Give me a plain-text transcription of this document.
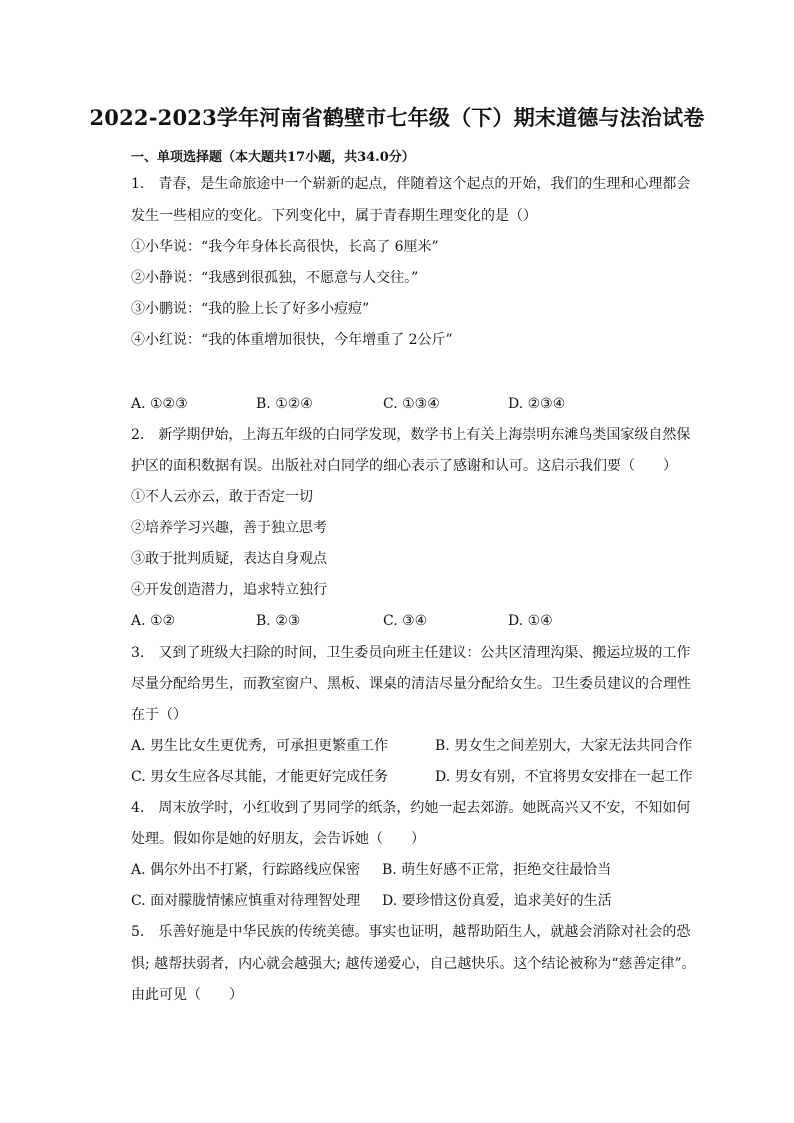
2022-2023学年河南省鹤壁市七年级（下）期末道德与法治试卷
一、单项选择题（本大题共17小题，共34.0分）
1.　青春，是生命旅途中一个崭新的起点，伴随着这个起点的开始，我们的生理和心理都会
发生一些相应的变化。下列变化中，属于青春期生理变化的是（）
①小华说：“我今年身体长高很快，长高了 6厘米”
②小静说：“我感到很孤独，不愿意与人交往。”
③小鹏说：“我的脸上长了好多小痘痘”
④小红说：“我的体重增加很快，今年增重了 2公斤”
A. ①②③	B. ①②④	C. ①③④	D. ②③④
2.　新学期伊始，上海五年级的白同学发现，数学书上有关上海崇明东滩鸟类国家级自然保
护区的面积数据有误。出版社对白同学的细心表示了感谢和认可。这启示我们要（　　）
①不人云亦云，敢于否定一切
②培养学习兴趣，善于独立思考
③敢于批判质疑，表达自身观点
④开发创造潜力，追求特立独行
A. ①②	B. ②③	C. ③④	D. ①④
3.　又到了班级大扫除的时间，卫生委员向班主任建议：公共区清理沟渠、搬运垃圾的工作
尽量分配给男生，而教室窗户、黑板、课桌的清洁尽量分配给女生。卫生委员建议的合理性
在于（）
A. 男生比女生更优秀，可承担更繁重工作	B. 男女生之间差别大，大家无法共同合作
C. 男女生应各尽其能，才能更好完成任务	D. 男女有别，不宜将男女安排在一起工作
4.　周末放学时，小红收到了男同学的纸条，约她一起去郊游。她既高兴又不安，不知如何
处理。假如你是她的好朋友，会告诉她（　　）
A. 偶尔外出不打紧，行踪路线应保密 B. 萌生好感不正常，拒绝交往最恰当
C. 面对朦胧情愫应慎重对待理智处理 D. 要珍惜这份真爱，追求美好的生活
5.　乐善好施是中华民族的传统美德。事实也证明，越帮助陌生人，就越会消除对社会的恐
惧; 越帮扶弱者，内心就会越强大; 越传递爱心，自己越快乐。这个结论被称为“慈善定律”。
由此可见（　　）
